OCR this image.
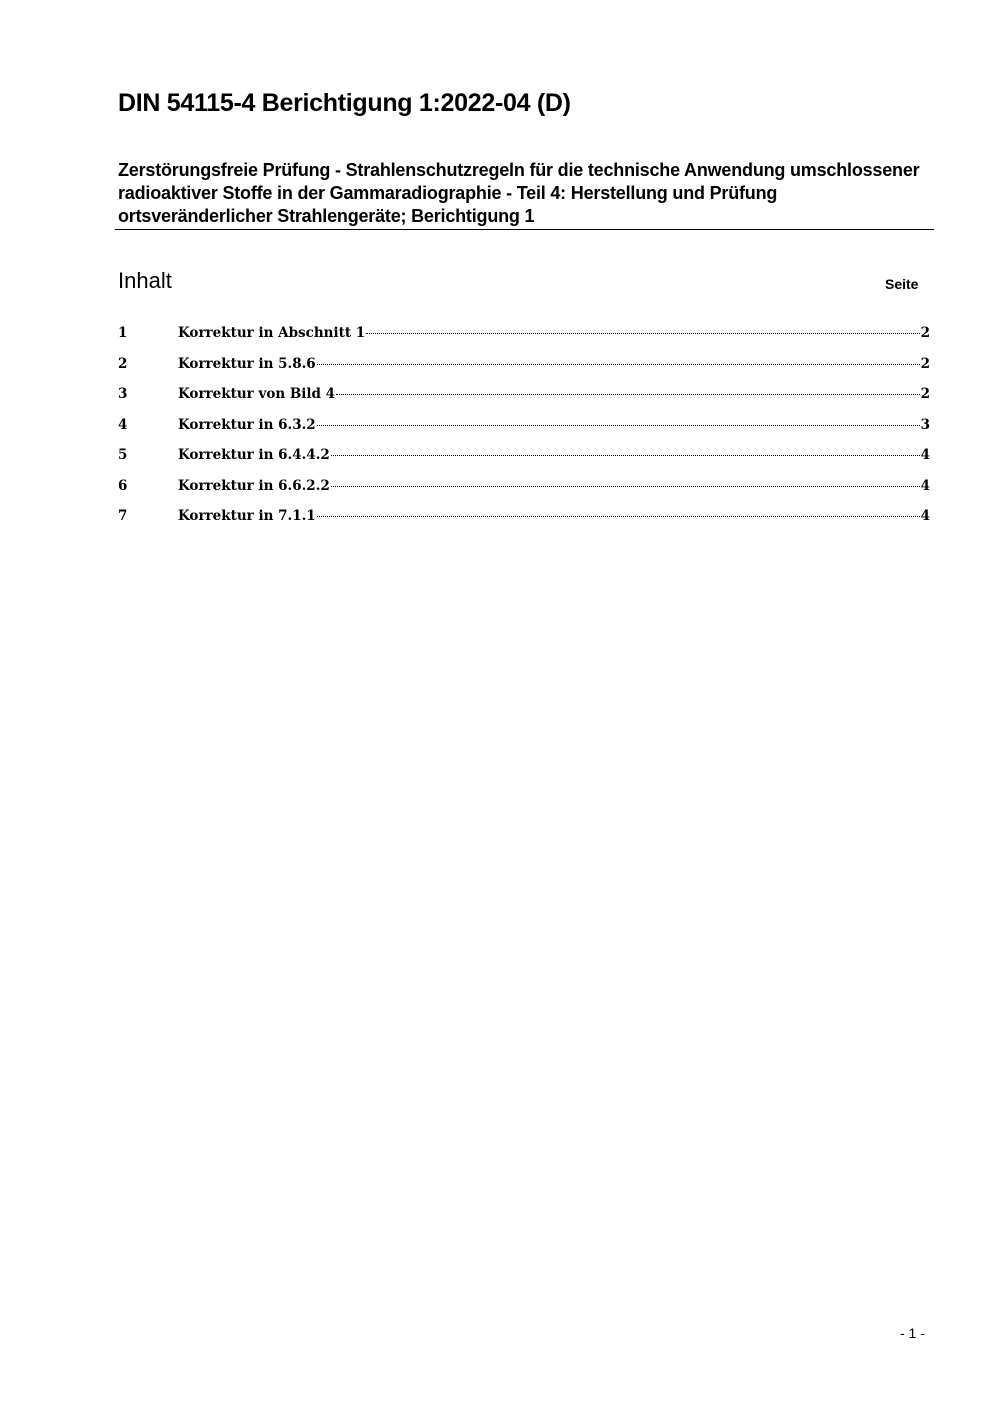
DIN 54115-4 Berichtigung 1:2022-04 (D)
Zerstörungsfreie Prüfung - Strahlenschutzregeln für die technische Anwendung umschlossener radioaktiver Stoffe in der Gammaradiographie - Teil 4: Herstellung und Prüfung ortsveränderlicher Strahlengeräte; Berichtigung 1
Inhalt	Seite
1	Korrektur in Abschnitt 1	2
2	Korrektur in 5.8.6	2
3	Korrektur von Bild 4	2
4	Korrektur in 6.3.2	3
5	Korrektur in 6.4.4.2	4
6	Korrektur in 6.6.2.2	4
7	Korrektur in 7.1.1	4
- 1 -
